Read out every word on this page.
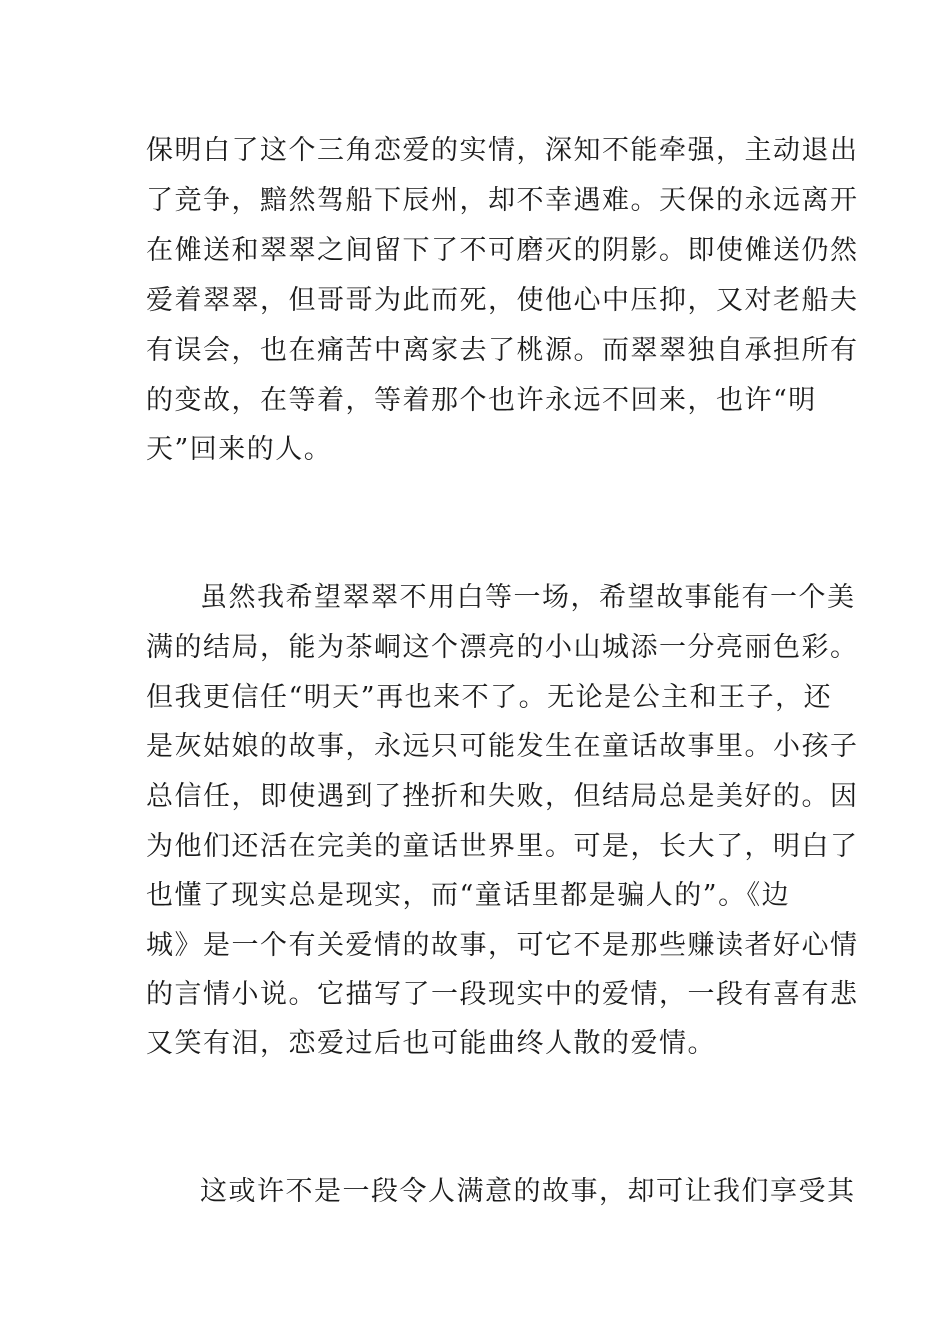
保明白了这个三角恋爱的实情，深知不能牵强，主动退出
了竞争，黯然驾船下辰州，却不幸遇难。天保的永远离开
在傩送和翠翠之间留下了不可磨灭的阴影。即使傩送仍然
爱着翠翠，但哥哥为此而死，使他心中压抑，又对老船夫
有误会，也在痛苦中离家去了桃源。而翠翠独自承担所有
的变故，在等着，等着那个也许永远不回来，也许“明
天”回来的人。
虽然我希望翠翠不用白等一场，希望故事能有一个美
满的结局，能为茶峒这个漂亮的小山城添一分亮丽色彩。
但我更信任“明天”再也来不了。无论是公主和王子，还
是灰姑娘的故事，永远只可能发生在童话故事里。小孩子
总信任，即使遇到了挫折和失败，但结局总是美好的。因
为他们还活在完美的童话世界里。可是，长大了，明白了
也懂了现实总是现实，而“童话里都是骗人的”。《边
城》是一个有关爱情的故事，可它不是那些赚读者好心情
的言情小说。它描写了一段现实中的爱情，一段有喜有悲
又笑有泪，恋爱过后也可能曲终人散的爱情。
这或许不是一段令人满意的故事，却可让我们享受其
